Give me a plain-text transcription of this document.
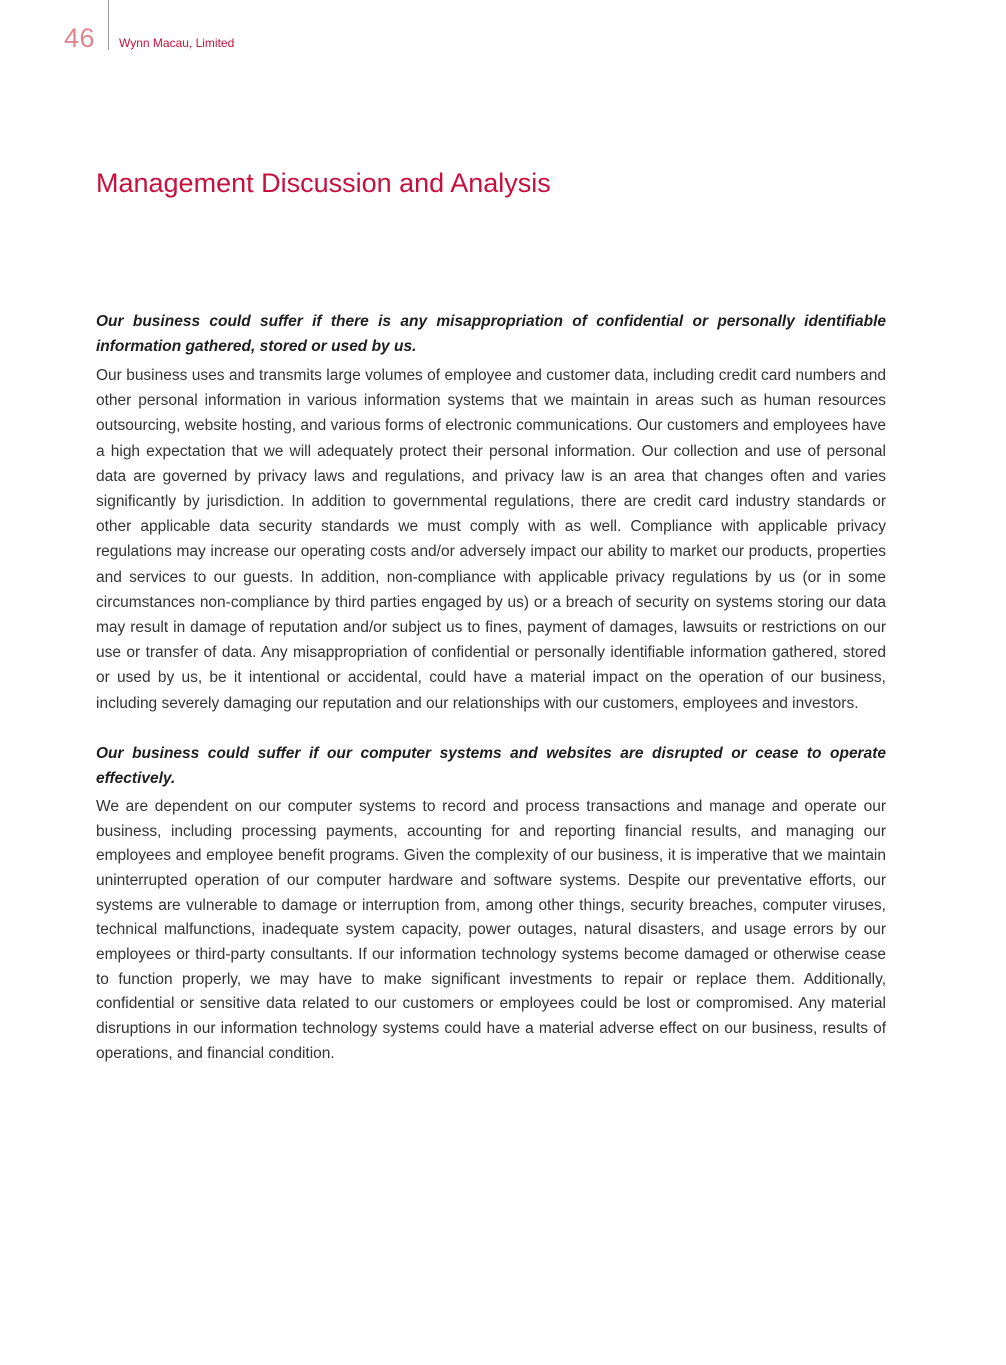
46 Wynn Macau, Limited
Management Discussion and Analysis

Our business could suffer if there is any misappropriation of confidential or personally identifiable information gathered, stored or used by us.

Our business uses and transmits large volumes of employee and customer data, including credit card numbers and other personal information in various information systems that we maintain in areas such as human resources outsourcing, website hosting, and various forms of electronic communications. Our customers and employees have a high expectation that we will adequately protect their personal information. Our collection and use of personal data are governed by privacy laws and regulations, and privacy law is an area that changes often and varies significantly by jurisdiction. In addition to governmental regulations, there are credit card industry standards or other applicable data security standards we must comply with as well. Compliance with applicable privacy regulations may increase our operating costs and/or adversely impact our ability to market our products, properties and services to our guests. In addition, non-compliance with applicable privacy regulations by us (or in some circumstances non-compliance by third parties engaged by us) or a breach of security on systems storing our data may result in damage of reputation and/or subject us to fines, payment of damages, lawsuits or restrictions on our use or transfer of data. Any misappropriation of confidential or personally identifiable information gathered, stored or used by us, be it intentional or accidental, could have a material impact on the operation of our business, including severely damaging our reputation and our relationships with our customers, employees and investors.

Our business could suffer if our computer systems and websites are disrupted or cease to operate effectively.

We are dependent on our computer systems to record and process transactions and manage and operate our business, including processing payments, accounting for and reporting financial results, and managing our employees and employee benefit programs. Given the complexity of our business, it is imperative that we maintain uninterrupted operation of our computer hardware and software systems. Despite our preventative efforts, our systems are vulnerable to damage or interruption from, among other things, security breaches, computer viruses, technical malfunctions, inadequate system capacity, power outages, natural disasters, and usage errors by our employees or third-party consultants. If our information technology systems become damaged or otherwise cease to function properly, we may have to make significant investments to repair or replace them. Additionally, confidential or sensitive data related to our customers or employees could be lost or compromised. Any material disruptions in our information technology systems could have a material adverse effect on our business, results of operations, and financial condition.
